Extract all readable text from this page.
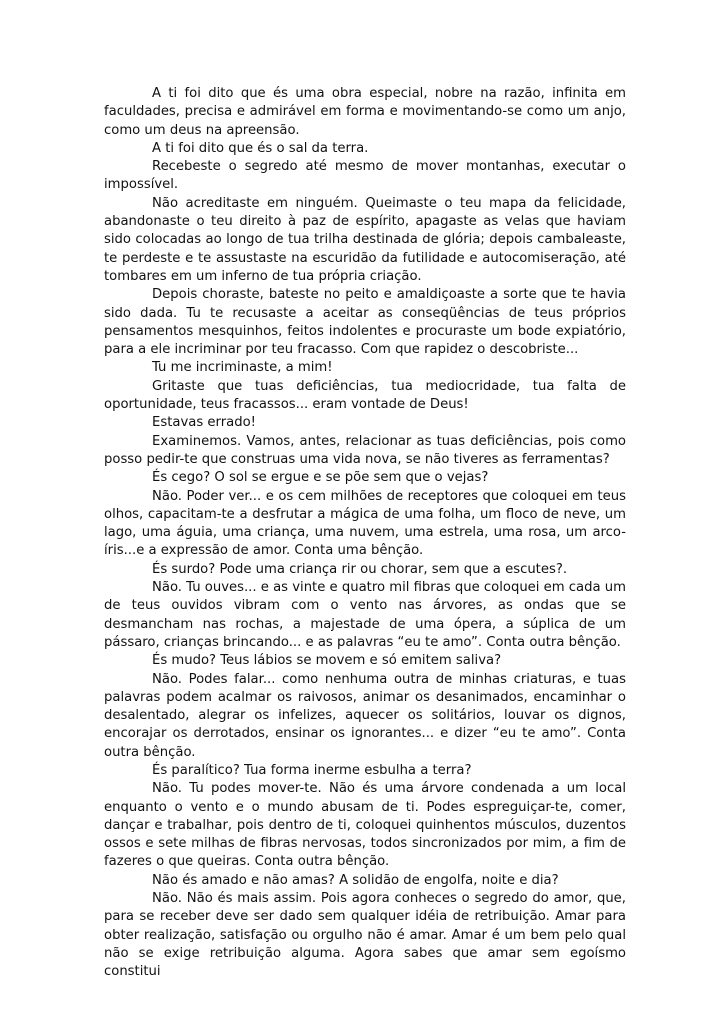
A ti foi dito que és uma obra especial, nobre na razão, infinita em faculdades, precisa e admirável em forma e movimentando-se como um anjo, como um deus na apreensão.

A ti foi dito que és o sal da terra.

Recebeste o segredo até mesmo de mover montanhas, executar o impossível.

Não acreditaste em ninguém. Queimaste o teu mapa da felicidade, abandonaste o teu direito à paz de espírito, apagaste as velas que haviam sido colocadas ao longo de tua trilha destinada de glória; depois cambaleaste, te perdeste e te assustaste na escuridão da futilidade e autocomiseração, até tombares em um inferno de tua própria criação.

Depois choraste, bateste no peito e amaldiçoaste a sorte que te havia sido dada. Tu te recusaste a aceitar as conseqüências de teus próprios pensamentos mesquinhos, feitos indolentes e procuraste um bode expiatório, para a ele incriminar por teu fracasso. Com que rapidez o descobriste...

Tu me incriminaste, a mim!

Gritaste que tuas deficiências, tua mediocridade, tua falta de oportunidade, teus fracassos... eram vontade de Deus!

Estavas errado!

Examinemos. Vamos, antes, relacionar as tuas deficiências, pois como posso pedir-te que construas uma vida nova, se não tiveres as ferramentas?

És cego? O sol se ergue e se põe sem que o vejas?

Não. Poder ver... e os cem milhões de receptores que coloquei em teus olhos, capacitam-te a desfrutar a mágica de uma folha, um floco de neve, um lago, uma águia, uma criança, uma nuvem, uma estrela, uma rosa, um arco-íris...e a expressão de amor. Conta uma bênção.

És surdo? Pode uma criança rir ou chorar, sem que a escutes?.

Não. Tu ouves... e as vinte e quatro mil fibras que coloquei em cada um de teus ouvidos vibram com o vento nas árvores, as ondas que se desmancham nas rochas, a majestade de uma ópera, a súplica de um pássaro, crianças brincando... e as palavras “eu te amo”. Conta outra bênção.

És mudo? Teus lábios se movem e só emitem saliva?

Não. Podes falar... como nenhuma outra de minhas criaturas, e tuas palavras podem acalmar os raivosos, animar os desanimados, encaminhar o desalentado, alegrar os infelizes, aquecer os solitários, louvar os dignos, encorajar os derrotados, ensinar os ignorantes... e dizer “eu te amo”. Conta outra bênção.

És paralítico? Tua forma inerme esbulha a terra?

Não. Tu podes mover-te. Não és uma árvore condenada a um local enquanto o vento e o mundo abusam de ti. Podes espreguiçar-te, comer, dançar e trabalhar, pois dentro de ti, coloquei quinhentos músculos, duzentos ossos e sete milhas de fibras nervosas, todos sincronizados por mim, a fim de fazeres o que queiras. Conta outra bênção.

Não és amado e não amas? A solidão de engolfa, noite e dia?

Não. Não és mais assim. Pois agora conheces o segredo do amor, que, para se receber deve ser dado sem qualquer idéia de retribuição. Amar para obter realização, satisfação ou orgulho não é amar. Amar é um bem pelo qual não se exige retribuição alguma. Agora sabes que amar sem egoísmo constitui
